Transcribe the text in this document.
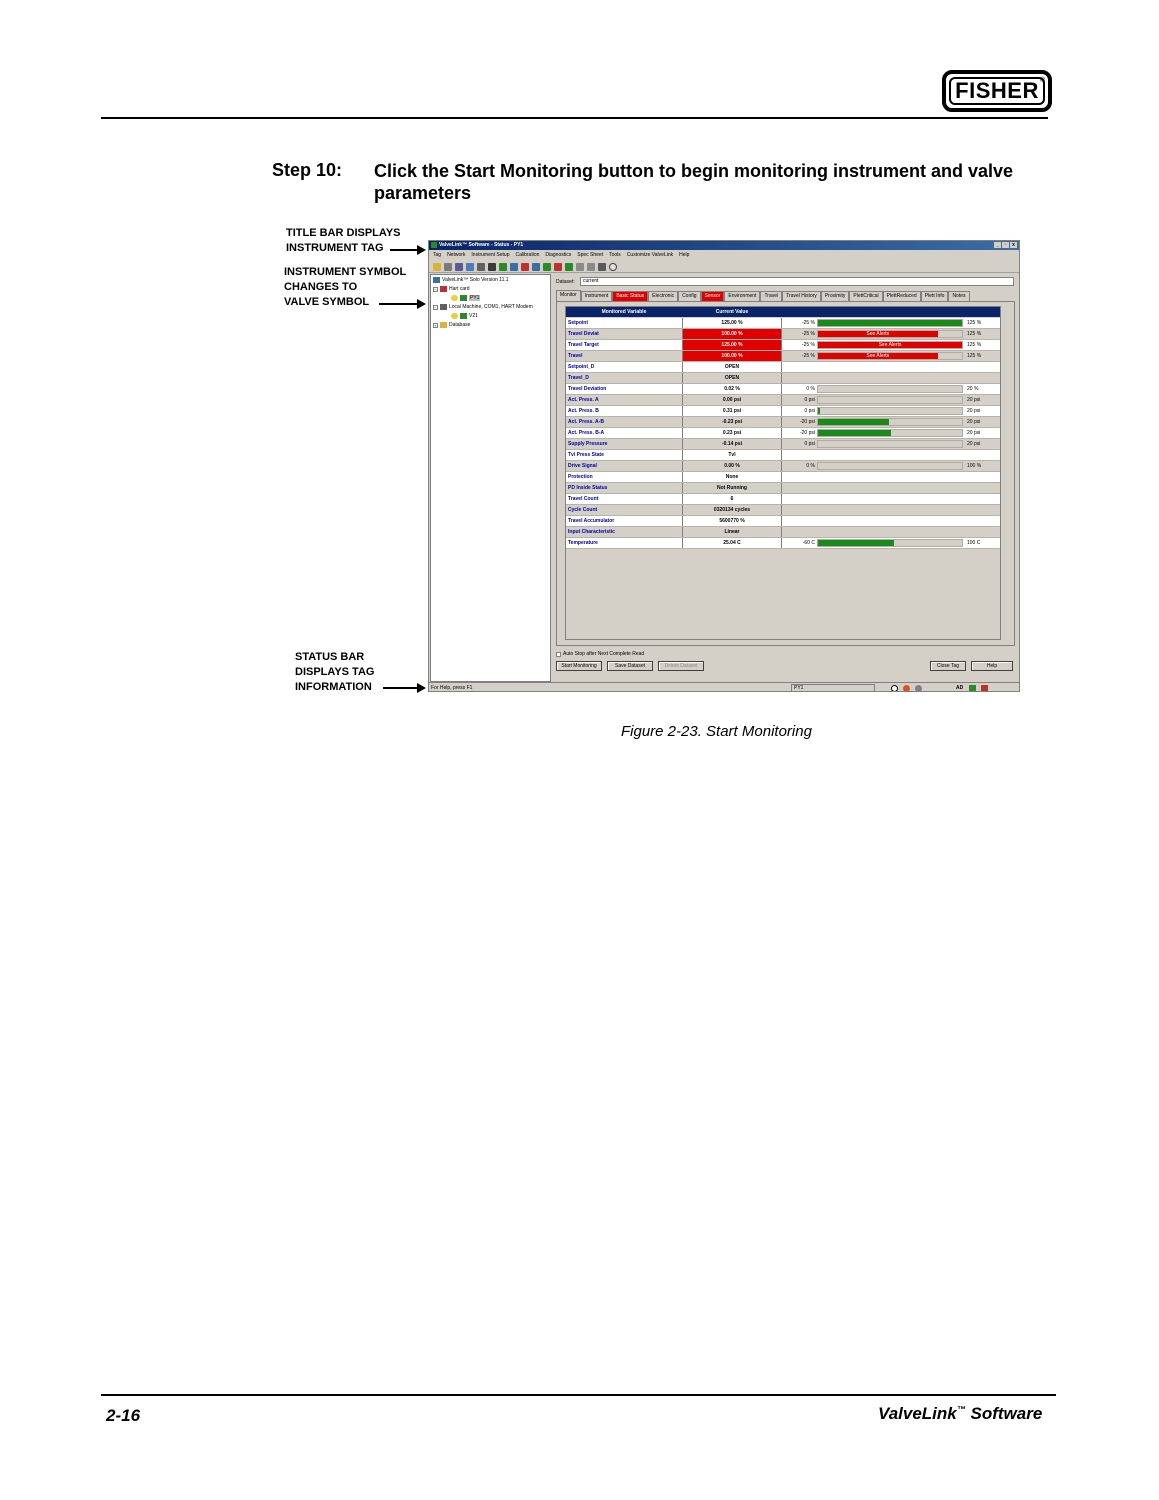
FISHER ®
Step 10: Click the Start Monitoring button to begin monitoring instrument and valve parameters
TITLE BAR DISPLAYS
INSTRUMENT TAG
INSTRUMENT SYMBOL
CHANGES TO
VALVE SYMBOL
STATUS BAR
DISPLAYS TAG
INFORMATION
ValveLink™ Software - Status - PY1	_	▫	x
Tag Network Instrument Setup Calibration Diagnostics Spec Sheet Tools Customize ValveLink Help
ValveLink™ Solo Version 11.1
− Hart card
PY1
− Local Machine, COM1, HART Modem
V21
+ Database
Dataset:	current
Monitor	Instrument	Basic Status	Electronic	Config	Sensor	Environment	Travel	Travel History	Proximity	PlettCritical	PlettReduced	Plett Info	Notes
Monitored Variable	Current Value
Setpoint	125.00 %	-25 %	125 %
Travel Deviat	100.00 %	-25 %	See Alerts	125 %
Travel Target	125.00 %	-25 %	See Alerts	125 %
Travel	100.00 %	-25 %	See Alerts	125 %
Setpoint_D	OPEN
Travel_D	OPEN
Travel Deviation	0.02 %	0 %	20 %
Act. Press. A	0.00 psi	0 psi	20 psi
Act. Press. B	0.31 psi	0 psi	20 psi
Act. Press. A-B	-0.23 psi	-20 psi	20 psi
Act. Press. B-A	0.23 psi	-20 psi	20 psi
Supply Pressure	-0.14 psi	0 psi	20 psi
Tvl Press State	Tvl
Drive Signal	0.00 %	0 %	100 %
Protection	None
PD Inside Status	Not Running
Travel Count	6
Cycle Count	0320134 cycles
Travel Accumulator	5600770 %
Input Characteristic	Linear
Temperature	25.04 C	-60 C	100 C
Auto Stop after Next Complete Read
Start Monitoring	Save Dataset	Delete Dataset	Close Tag	Help
For Help, press F1	PY1	AD
Figure 2-23. Start Monitoring
2-16	ValveLink™ Software
